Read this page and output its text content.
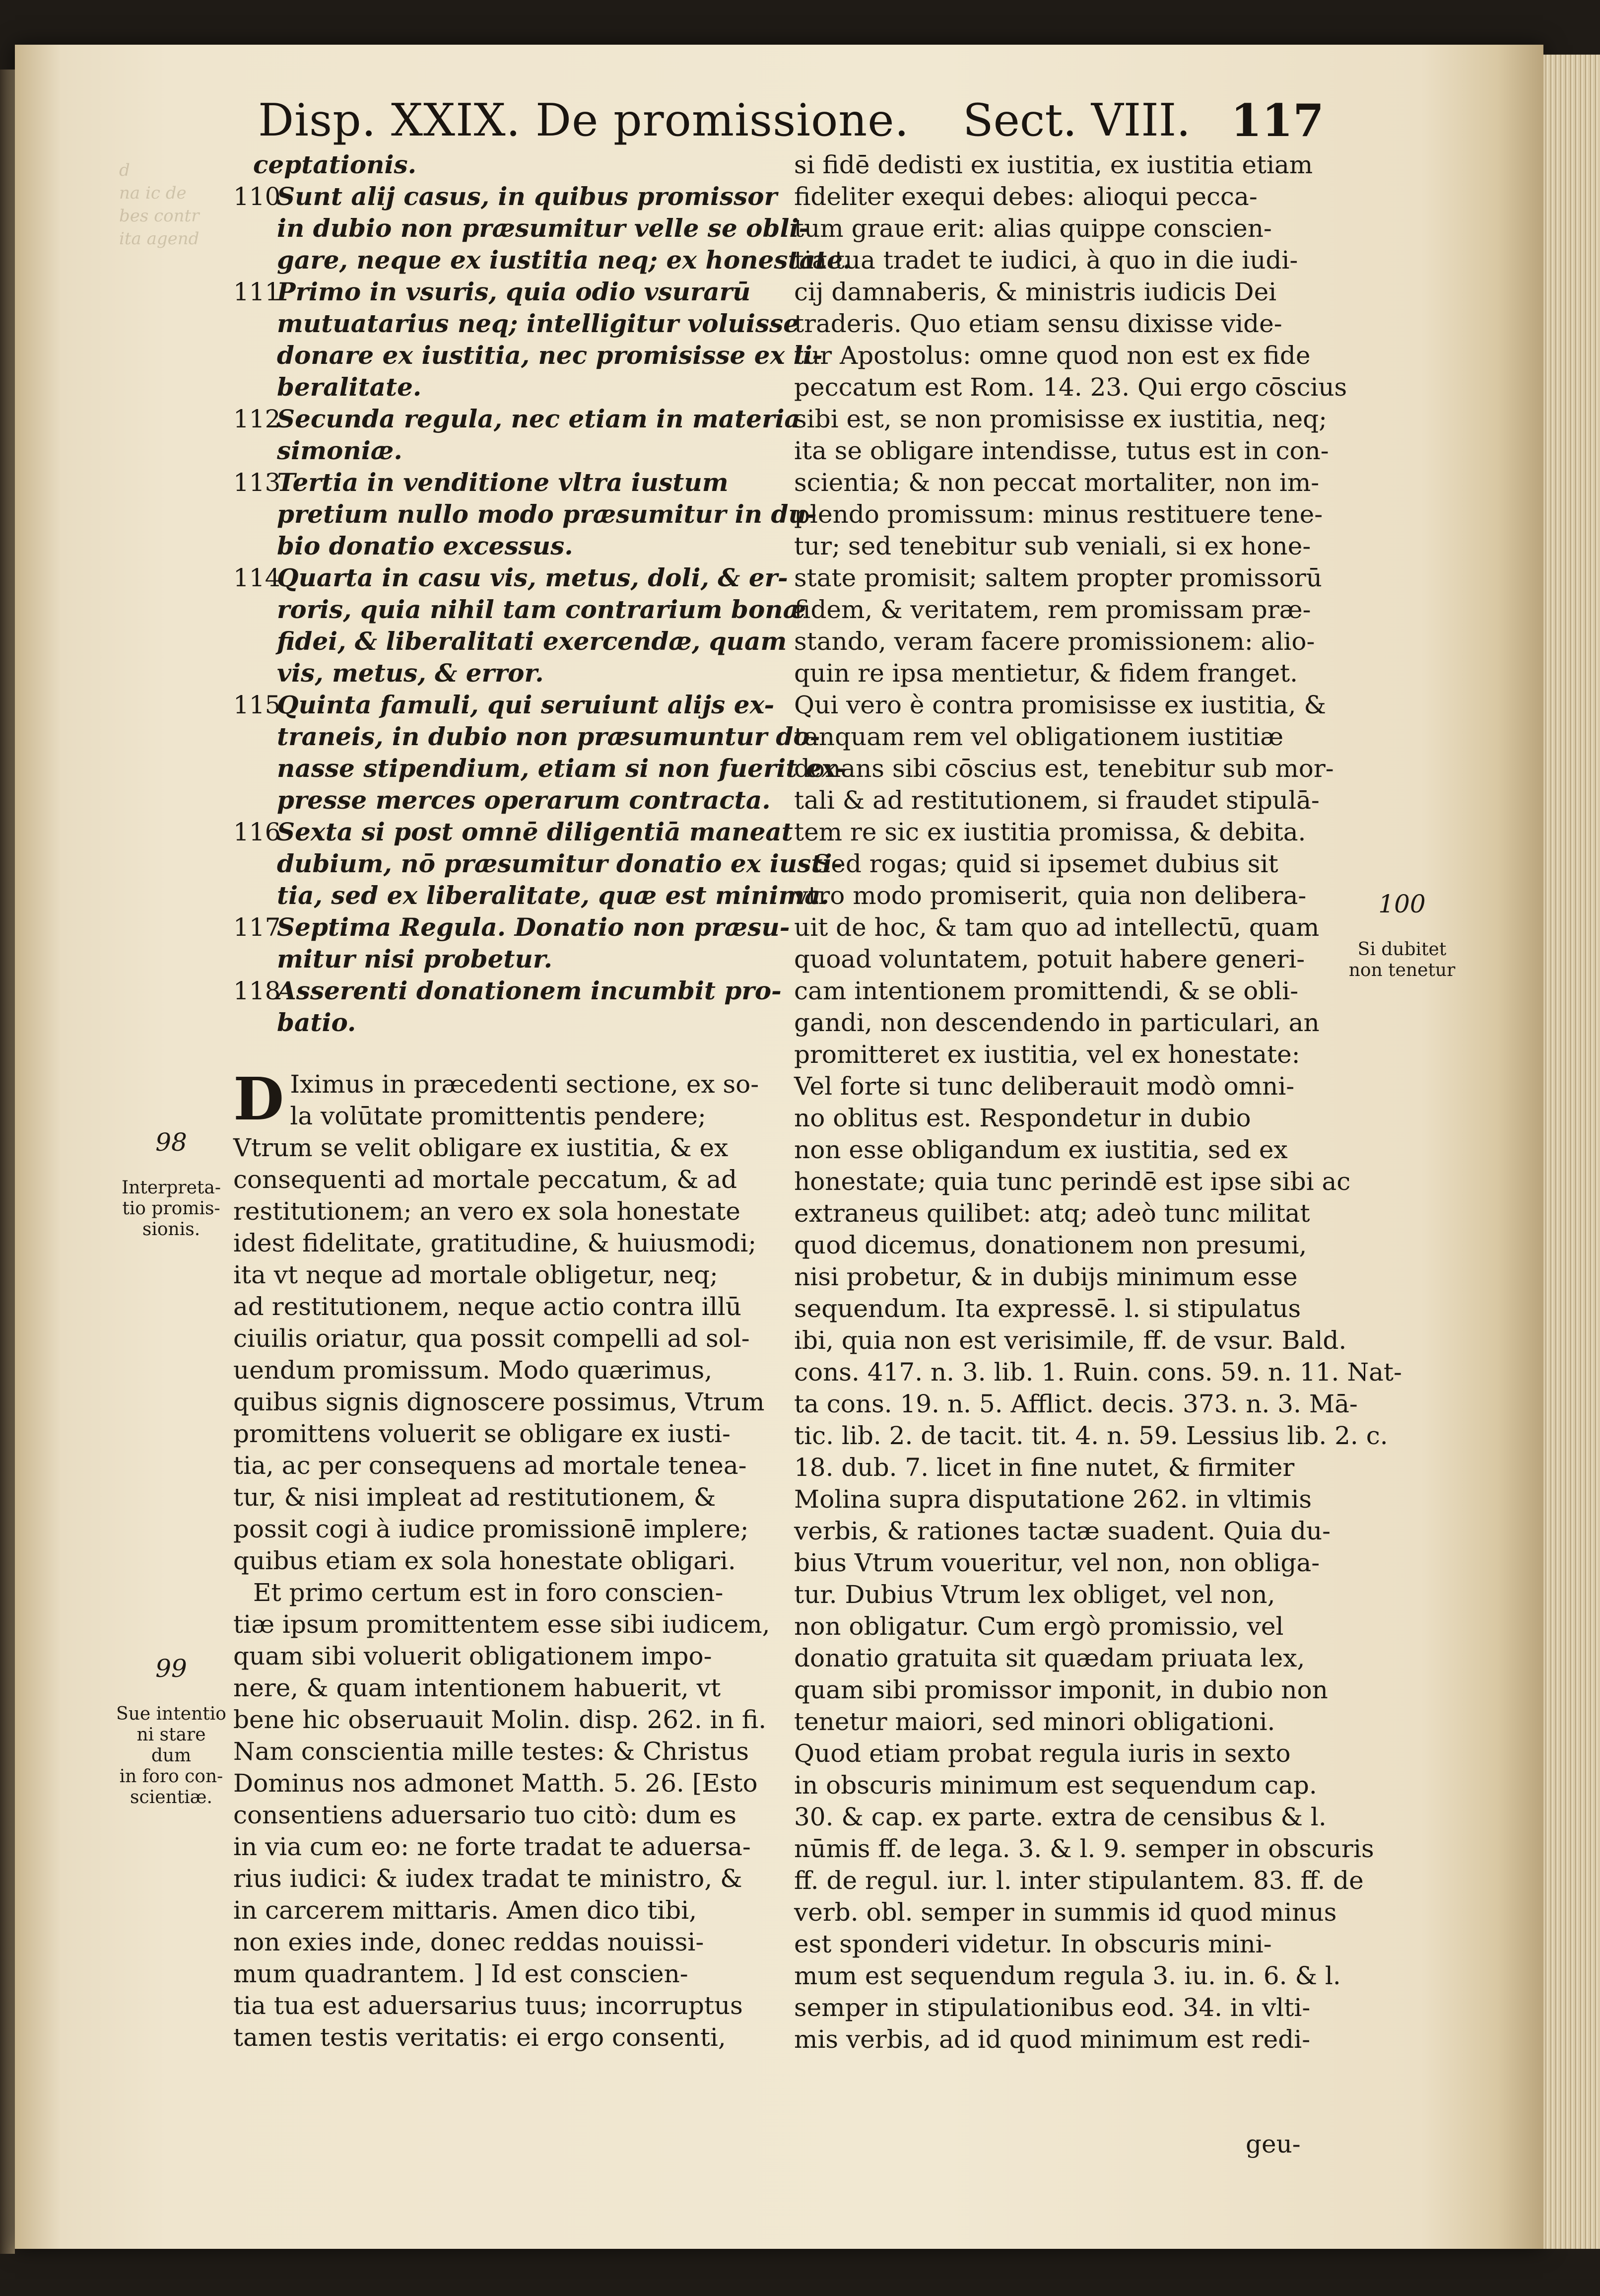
d
na ic de
bes contr
ita agend
Disp. XXIX. De promissione. Sect. VIII. 117

ceptationis.

110Sunt alij casus, in quibus promissor

in dubio non præsumitur velle se obli-

gare, neque ex iustitia neq; ex honestate.

111Primo in vsuris, quia odio vsurarū

mutuatarius neq; intelligitur voluisse

donare ex iustitia, nec promisisse ex li-

beralitate.

112Secunda regula, nec etiam in materia

simoniæ.

113Tertia in venditione vltra iustum

pretium nullo modo præsumitur in du-

bio donatio excessus.

114Quarta in casu vis, metus, doli, & er-

roris, quia nihil tam contrarium bonæ

fidei, & liberalitati exercendæ, quam

vis, metus, & error.

115Quinta famuli, qui seruiunt alijs ex-

traneis, in dubio non præsumuntur do-

nasse stipendium, etiam si non fuerit ex-

presse merces operarum contracta.

116Sexta si post omnē diligentiā maneat

dubium, nō præsumitur donatio ex iusti-

tia, sed ex liberalitate, quæ est minima.

117Septima Regula. Donatio non præsu-

mitur nisi probetur.

118Asserenti donationem incumbit pro-

batio.

D Iximus in præcedenti sectione, ex so-

la volūtate promittentis pendere;

Vtrum se velit obligare ex iustitia, & ex

consequenti ad mortale peccatum, & ad

restitutionem; an vero ex sola honestate

idest fidelitate, gratitudine, & huiusmodi;

ita vt neque ad mortale obligetur, neq;

ad restitutionem, neque actio contra illū

ciuilis oriatur, qua possit compelli ad sol-

uendum promissum. Modo quærimus,

quibus signis dignoscere possimus, Vtrum

promittens voluerit se obligare ex iusti-

tia, ac per consequens ad mortale tenea-

tur, & nisi impleat ad restitutionem, &

possit cogi à iudice promissionē implere;

quibus etiam ex sola honestate obligari.

Et primo certum est in foro conscien-

tiæ ipsum promittentem esse sibi iudicem,

quam sibi voluerit obligationem impo-

nere, & quam intentionem habuerit, vt

bene hic obseruauit Molin. disp. 262. in fi.

Nam conscientia mille testes: & Christus

Dominus nos admonet Matth. 5. 26. [Esto

consentiens aduersario tuo citò: dum es

in via cum eo: ne forte tradat te aduersa-

rius iudici: & iudex tradat te ministro, &

in carcerem mittaris. Amen dico tibi,

non exies inde, donec reddas nouissi-

mum quadrantem. ] Id est conscien-

tia tua est aduersarius tuus; incorruptus

tamen testis veritatis: ei ergo consenti,

si fidē dedisti ex iustitia, ex iustitia etiam

fideliter exequi debes: alioqui pecca-

tum graue erit: alias quippe conscien-

tia tua tradet te iudici, à quo in die iudi-

cij damnaberis, & ministris iudicis Dei

traderis. Quo etiam sensu dixisse vide-

tur Apostolus: omne quod non est ex fide

peccatum est Rom. 14. 23. Qui ergo cōscius

sibi est, se non promisisse ex iustitia, neq;

ita se obligare intendisse, tutus est in con-

scientia; & non peccat mortaliter, non im-

plendo promissum: minus restituere tene-

tur; sed tenebitur sub veniali, si ex hone-

state promisit; saltem propter promissorū

fidem, & veritatem, rem promissam præ-

stando, veram facere promissionem: alio-

quin re ipsa mentietur, & fidem franget.

Qui vero è contra promisisse ex iustitia, &

tanquam rem vel obligationem iustitiæ

donans sibi cōscius est, tenebitur sub mor-

tali & ad restitutionem, si fraudet stipulā-

tem re sic ex iustitia promissa, & debita.

Sed rogas; quid si ipsemet dubius sit

vtro modo promiserit, quia non delibera-

uit de hoc, & tam quo ad intellectū, quam

quoad voluntatem, potuit habere generi-

cam intentionem promittendi, & se obli-

gandi, non descendendo in particulari, an

promitteret ex iustitia, vel ex honestate:

Vel forte si tunc deliberauit modò omni-

no oblitus est. Respondetur in dubio

non esse obligandum ex iustitia, sed ex

honestate; quia tunc perindē est ipse sibi ac

extraneus quilibet: atq; adeò tunc militat

quod dicemus, donationem non presumi,

nisi probetur, & in dubijs minimum esse

sequendum. Ita expressē. l. si stipulatus

ibi, quia non est verisimile, ff. de vsur. Bald.

cons. 417. n. 3. lib. 1. Ruin. cons. 59. n. 11. Nat-

ta cons. 19. n. 5. Afflict. decis. 373. n. 3. Mā-

tic. lib. 2. de tacit. tit. 4. n. 59. Lessius lib. 2. c.

18. dub. 7. licet in fine nutet, & firmiter

Molina supra disputatione 262. in vltimis

verbis, & rationes tactæ suadent. Quia du-

bius Vtrum voueritur, vel non, non obliga-

tur. Dubius Vtrum lex obliget, vel non,

non obligatur. Cum ergò promissio, vel

donatio gratuita sit quædam priuata lex,

quam sibi promissor imponit, in dubio non

tenetur maiori, sed minori obligationi.

Quod etiam probat regula iuris in sexto

in obscuris minimum est sequendum cap.

30. & cap. ex parte. extra de censibus & l.

nūmis ff. de lega. 3. & l. 9. semper in obscuris

ff. de regul. iur. l. inter stipulantem. 83. ff. de

verb. obl. semper in summis id quod minus

est sponderi videtur. In obscuris mini-

mum est sequendum regula 3. iu. in. 6. & l.

semper in stipulationibus eod. 34. in vlti-

mis verbis, ad id quod minimum est redi-

98

Interpreta-
tio promis-
sionis.

99

Sue intentio
ni stare dum
in foro con-
scientiæ.

100

Si dubitet
non tenetur

geu-
